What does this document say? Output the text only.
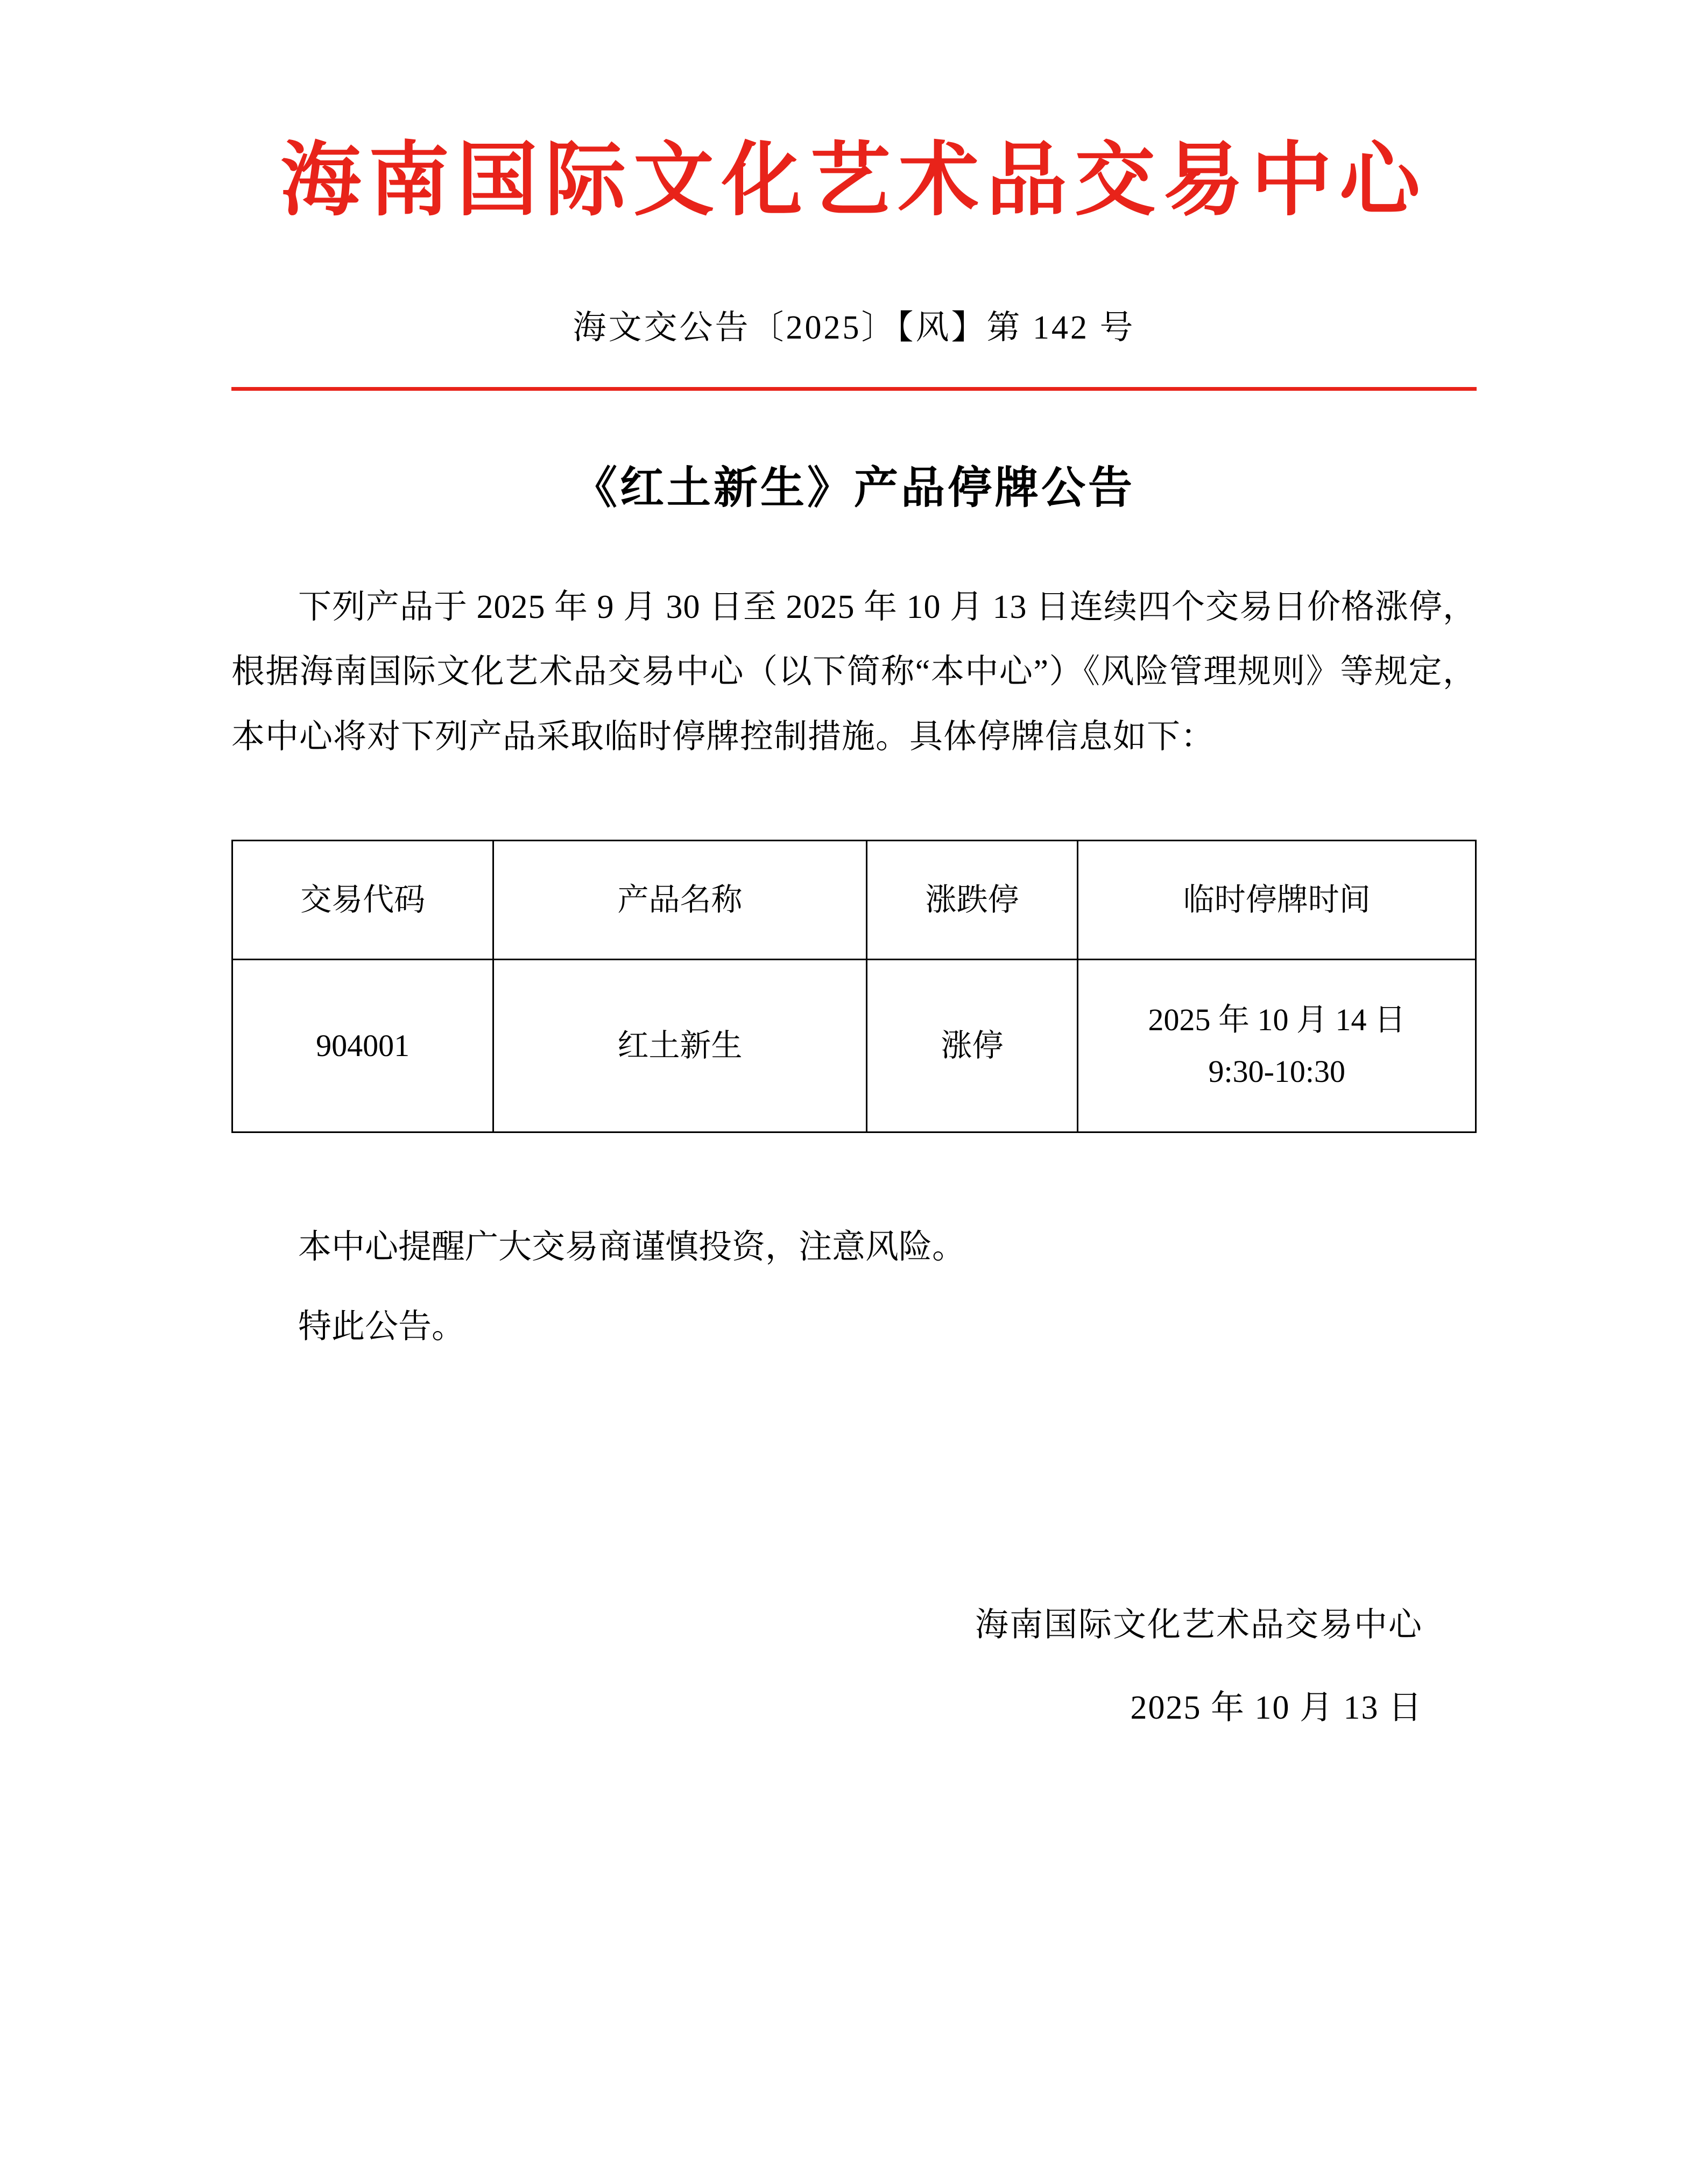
海南国际文化艺术品交易中心
海文交公告〔2025〕【风】第 142 号
《红土新生》产品停牌公告
下列产品于 2025 年 9 月 30 日至 2025 年 10 月 13 日连续四个交易日价格涨停，根据海南国际文化艺术品交易中心（以下简称“本中心”）《风险管理规则》等规定，本中心将对下列产品采取临时停牌控制措施。具体停牌信息如下：
交易代码	产品名称	涨跌停	临时停牌时间
904001	红土新生	涨停	2025 年 10 月 14 日
9:30-10:30

本中心提醒广大交易商谨慎投资，注意风险。

特此公告。

海南国际文化艺术品交易中心
2025 年 10 月 13 日
